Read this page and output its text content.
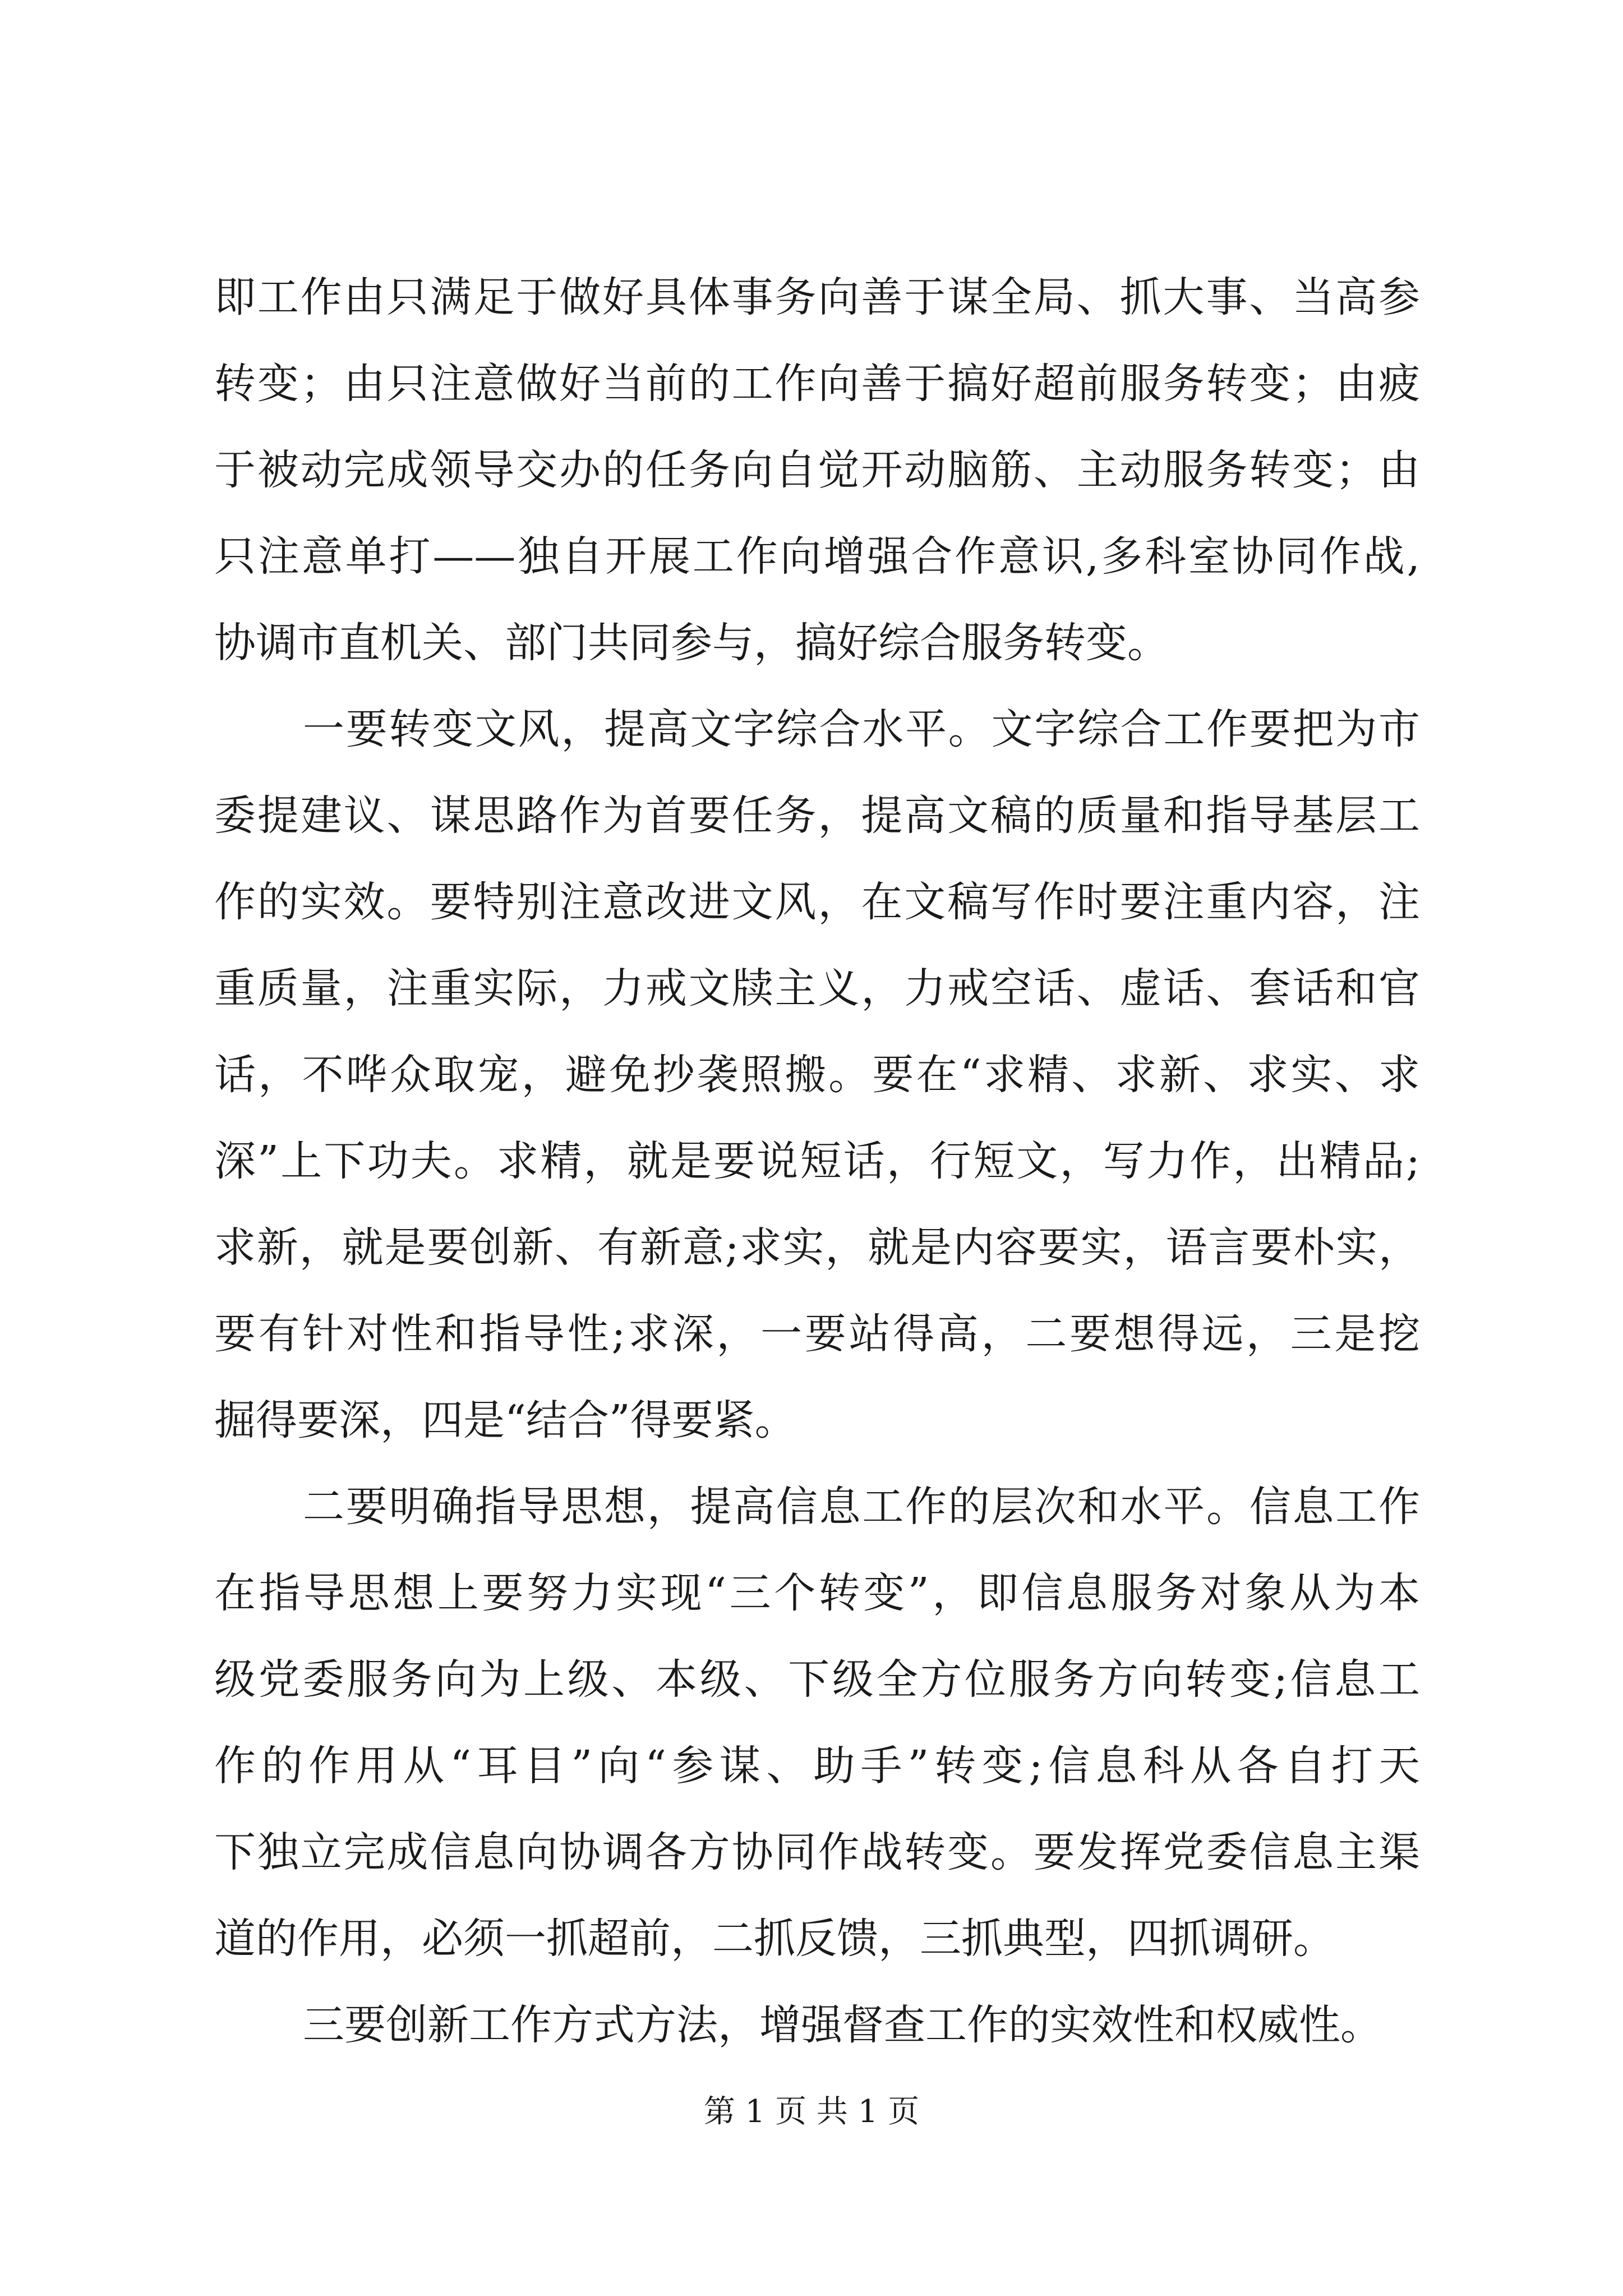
即工作由只满足于做好具体事务向善于谋全局、抓大事、当高参
转变；由只注意做好当前的工作向善于搞好超前服务转变；由疲
于被动完成领导交办的任务向自觉开动脑筋、主动服务转变；由
只注意单打——独自开展工作向增强合作意识,多科室协同作战,
协调市直机关、部门共同参与，搞好综合服务转变。
一要转变文风，提高文字综合水平。文字综合工作要把为市
委提建议、谋思路作为首要任务，提高文稿的质量和指导基层工
作的实效。要特别注意改进文风，在文稿写作时要注重内容，注
重质量，注重实际，力戒文牍主义，力戒空话、虚话、套话和官
话，不哗众取宠，避免抄袭照搬。要在“求精、求新、求实、求
深”上下功夫。求精，就是要说短话，行短文，写力作，出精品;
求新，就是要创新、有新意;求实，就是内容要实，语言要朴实，
要有针对性和指导性;求深，一要站得高，二要想得远，三是挖
掘得要深，四是“结合”得要紧。
二要明确指导思想，提高信息工作的层次和水平。信息工作
在指导思想上要努力实现“三个转变”，即信息服务对象从为本
级党委服务向为上级、本级、下级全方位服务方向转变;信息工
作的作用从“耳目”向“参谋、助手”转变;信息科从各自打天
下独立完成信息向协调各方协同作战转变。要发挥党委信息主渠
道的作用，必须一抓超前，二抓反馈，三抓典型，四抓调研。
三要创新工作方式方法，增强督查工作的实效性和权威性。
第 1 页 共 1 页
